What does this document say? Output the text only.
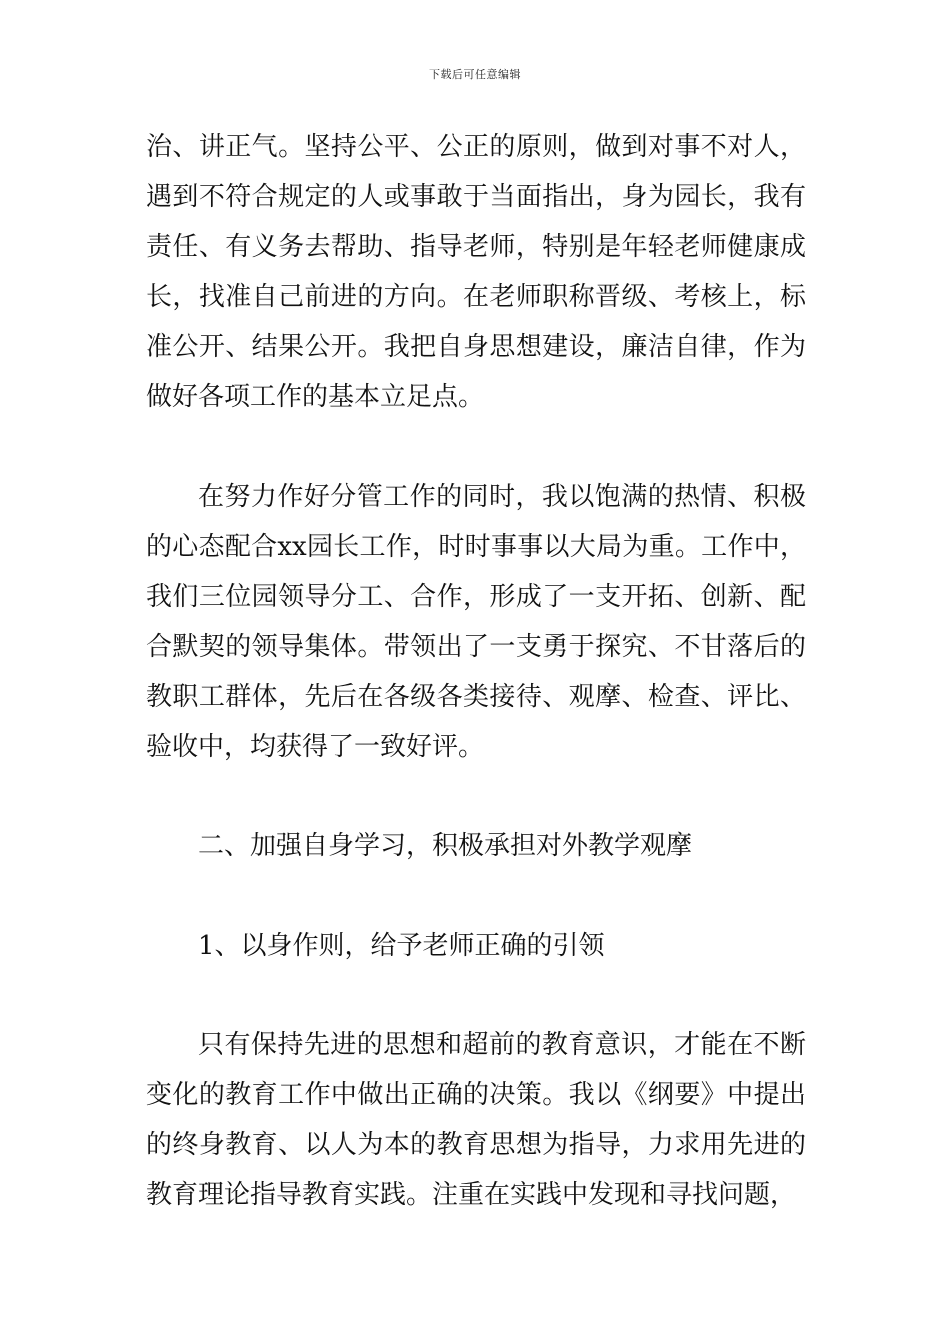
下载后可任意编辑

治、讲正气。坚持公平、公正的原则，做到对事不对人，遇到不符合规定的人或事敢于当面指出，身为园长，我有责任、有义务去帮助、指导老师，特别是年轻老师健康成长，找准自己前进的方向。在老师职称晋级、考核上，标准公开、结果公开。我把自身思想建设，廉洁自律，作为做好各项工作的基本立足点。

在努力作好分管工作的同时，我以饱满的热情、积极的心态配合xx园长工作，时时事事以大局为重。工作中，我们三位园领导分工、合作，形成了一支开拓、创新、配合默契的领导集体。带领出了一支勇于探究、不甘落后的教职工群体，先后在各级各类接待、观摩、检查、评比、验收中，均获得了一致好评。

二、加强自身学习，积极承担对外教学观摩

1、以身作则，给予老师正确的引领

只有保持先进的思想和超前的教育意识，才能在不断变化的教育工作中做出正确的决策。我以《纲要》中提出的终身教育、以人为本的教育思想为指导，力求用先进的教育理论指导教育实践。注重在实践中发现和寻找问题，
